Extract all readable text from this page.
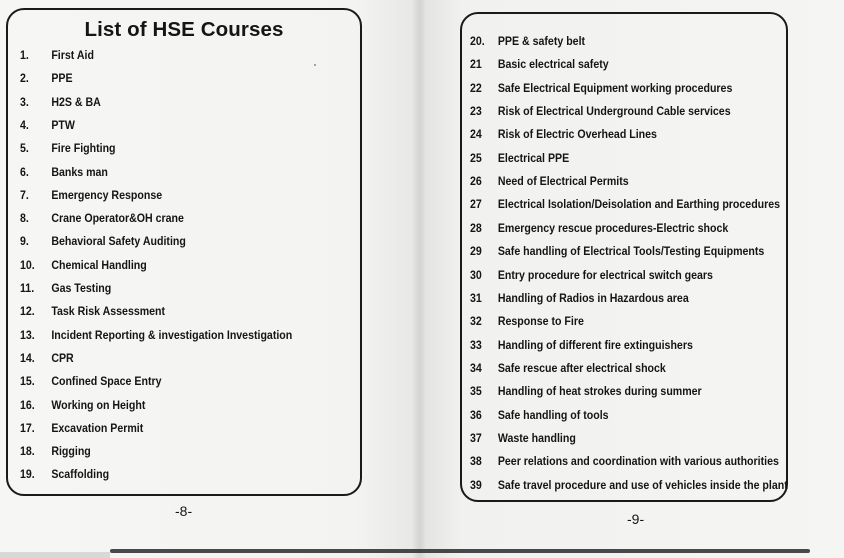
List of HSE Courses
1. First Aid
2. PPE
3. H2S & BA
4. PTW
5. Fire Fighting
6. Banks man
7. Emergency Response
8. Crane Operator&OH crane
9. Behavioral Safety Auditing
10. Chemical Handling
11. Gas Testing
12. Task Risk Assessment
13. Incident Reporting & investigation Investigation
14. CPR
15. Confined Space Entry
16. Working on Height
17. Excavation Permit
18. Rigging
19. Scaffolding
-8-
20. PPE & safety belt
21 Basic electrical safety
22 Safe Electrical Equipment working procedures
23 Risk of Electrical Underground Cable services
24 Risk of Electric Overhead Lines
25 Electrical PPE
26 Need of Electrical Permits
27 Electrical Isolation/Deisolation and Earthing procedures
28 Emergency rescue procedures-Electric shock
29 Safe handling of Electrical Tools/Testing Equipments
30 Entry procedure for electrical switch gears
31 Handling of Radios in Hazardous area
32 Response to Fire
33 Handling of different fire extinguishers
34 Safe rescue after electrical shock
35 Handling of heat strokes during summer
36 Safe handling of tools
37 Waste handling
38 Peer relations and coordination with various authorities
39 Safe travel procedure and use of vehicles inside the plant
-9-
